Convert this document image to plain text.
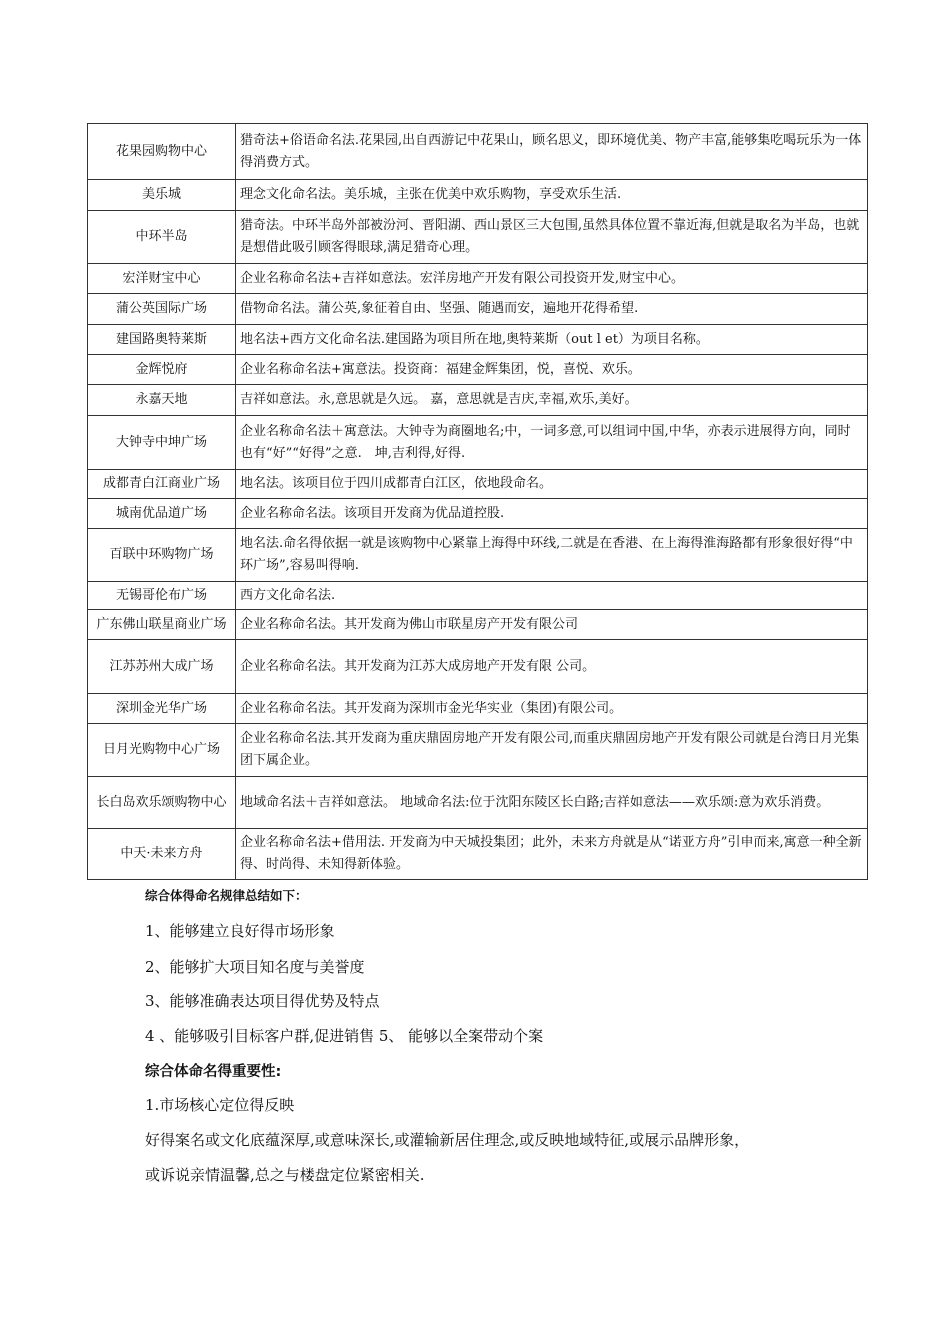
花果园购物中心	猎奇法+俗语命名法.花果园,出自西游记中花果山，顾名思义，即环境优美、物产丰富,能够集吃喝玩乐为一体得消费方式。
美乐城	理念文化命名法。美乐城，主张在优美中欢乐购物，享受欢乐生活.
中环半岛	猎奇法。中环半岛外部被汾河、晋阳湖、西山景区三大包围,虽然具体位置不靠近海,但就是取名为半岛，也就是想借此吸引顾客得眼球,满足猎奇心理。
宏洋财宝中心	企业名称命名法+吉祥如意法。宏洋房地产开发有限公司投资开发,财宝中心。
蒲公英国际广场	借物命名法。蒲公英,象征着自由、坚强、随遇而安，遍地开花得希望.
建国路奥特莱斯	地名法+西方文化命名法.建国路为项目所在地,奥特莱斯（out l et）为项目名称。
金辉悦府	企业名称命名法+寓意法。投资商：福建金辉集团，悦，喜悦、欢乐。
永嘉天地	吉祥如意法。永,意思就是久远。 嘉，意思就是吉庆,幸福,欢乐,美好。
大钟寺中坤广场	企业名称命名法＋寓意法。大钟寺为商圈地名;中，一词多意,可以组词中国,中华，亦表示进展得方向，同时也有“好”“好得”之意.　坤,吉利得,好得.
成都青白江商业广场	地名法。该项目位于四川成都青白江区，依地段命名。
城南优品道广场	企业名称命名法。该项目开发商为优品道控股.
百联中环购物广场	地名法.命名得依据一就是该购物中心紧靠上海得中环线,二就是在香港、在上海得淮海路都有形象很好得“中环广场”,容易叫得响.
无锡哥伦布广场	西方文化命名法.
广东佛山联星商业广场	企业名称命名法。其开发商为佛山市联星房产开发有限公司
江苏苏州大成广场	企业名称命名法。其开发商为江苏大成房地产开发有限 公司。
深圳金光华广场	企业名称命名法。其开发商为深圳市金光华实业（集团)有限公司。
日月光购物中心广场	企业名称命名法.其开发商为重庆鼎固房地产开发有限公司,而重庆鼎固房地产开发有限公司就是台湾日月光集团下属企业。
长白岛欢乐颂购物中心	地域命名法＋吉祥如意法。 地域命名法:位于沈阳东陵区长白路;吉祥如意法——欢乐颂:意为欢乐消费。
中天·未来方舟	企业名称命名法+借用法. 开发商为中天城投集团；此外，未来方舟就是从“诺亚方舟”引申而来,寓意一种全新得、时尚得、未知得新体验。
综合体得命名规律总结如下：
1、能够建立良好得市场形象
2、能够扩大项目知名度与美誉度
3、能够准确表达项目得优势及特点
4 、能够吸引目标客户群,促进销售 5、 能够以全案带动个案
综合体命名得重要性:
1.市场核心定位得反映
好得案名或文化底蕴深厚,或意味深长,或灌输新居住理念,或反映地域特征,或展示品牌形象，
或诉说亲情温馨,总之与楼盘定位紧密相关.
